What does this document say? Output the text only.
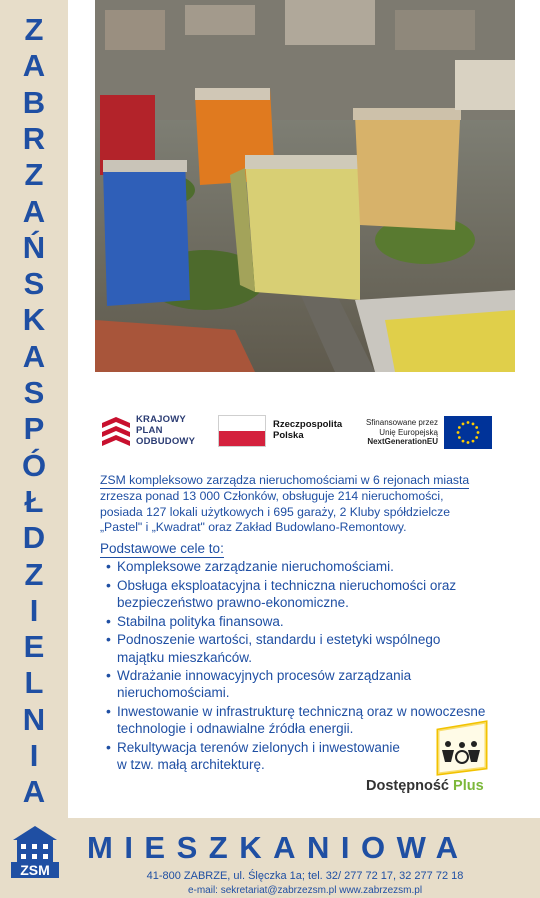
Z
A
B
R
Z
A
Ń
S
K
A
S
P
Ó
Ł
D
Z
I
E
L
N
I
A
KRAJOWY
PLAN
ODBUDOWY
Rzeczpospolita
Polska
Sfinansowane przez
Unię Europejską
NextGenerationEU
ZSM kompleksowo zarządza nieruchomościami w 6 rejonach miasta
zrzesza ponad 13 000 Członków, obsługuje 214 nieruchomości,
posiada 127 lokali użytkowych i 695 garaży, 2 Kluby spółdzielcze
„Pastel" i „Kwadrat" oraz Zakład Budowlano-Remontowy.
Podstawowe cele to:
• Kompleksowe zarządzanie nieruchomościami.
• Obsługa eksploatacyjna i techniczna nieruchomości oraz
bezpieczeństwo prawno-ekonomiczne.
• Stabilna polityka finansowa.
• Podnoszenie wartości, standardu i estetyki wspólnego
majątku mieszkańców.
• Wdrażanie innowacyjnych procesów zarządzania
nieruchomościami.
• Inwestowanie w infrastrukturę techniczną oraz w nowoczesne
technologie i odnawialne źródła energii.
• Rekultywacja terenów zielonych i inwestowanie
w tzw. małą architekturę.
Dostępność Plus
ZSM
MIESZKANIOWA
41-800 ZABRZE, ul. Ślęczka 1a; tel. 32/ 277 72 17, 32 277 72 18
e-mail: sekretariat@zabrzezsm.pl www.zabrzezsm.pl
